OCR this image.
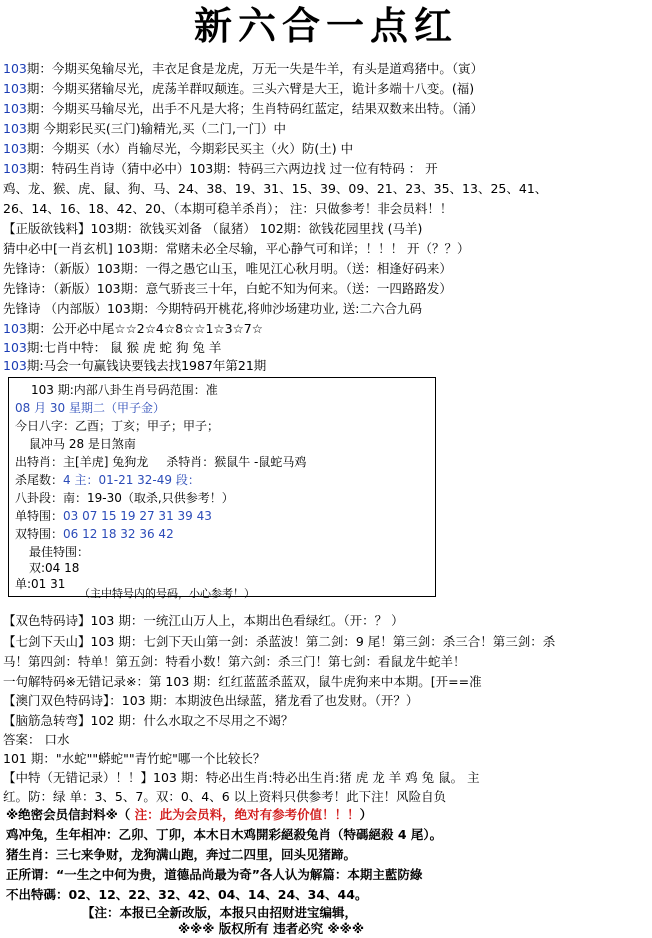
新六合一点红
103期：今期买兔输尽光，丰衣足食是龙虎，万无一失是牛羊，有头是道鸡猪中。（寅）
103期：今期买猪输尽光，虎荡羊群叹颠连。三头六臂是大王，诡计多端十八变。(福)
103期：今期买马输尽光，出手不凡是大将；生肖特码红蓝定，结果双数来出特。（涌）
103期 今期彩民买(三门)输精光,买（二门,一门）中
103期：今期买（水）肖输尽光，今期彩民买主（火）防(土) 中
103期：特码生肖诗（猜中必中）103期：特码三六两边找 过一位有特码 ： 开
鸡、龙、猴、虎、鼠、狗、马、24、38、19、31、15、39、09、21、23、35、13、25、41、
26、14、16、18、42、20、（本期可稳羊杀肖）； 注：只做参考！非会员料！！
【正版欲钱料】103期：欲钱买刘备 （鼠猪） 102期：欲钱花园里找 (马羊)
猜中必中[一肖玄机] 103期：常赌未必全尽输，平心静气可和详；！！！ 开（？？）
先锋诗：（新版）103期：一得之愚它山玉，唯见江心秋月明。（送：相逢好码来）
先锋诗：（新版）103期：意气骄丧三十年，白蛇不知为何来。（送：一四路路发）
先锋诗 （内部版）103期：今期特码开桃花,将帅沙场建功业, 送:二六合九码
103期：公开必中尾☆☆2☆4☆8☆☆1☆3☆7☆
103期:七肖中特： 鼠 猴 虎 蛇 狗 兔 羊
103期:马会一句赢钱诀要钱去找1987年第21期
103 期:内部八卦生肖号码范围：准
08 月 30 星期二（甲子金）
今日八字：乙酉；丁亥；甲子；甲子；
鼠冲马 28 是日煞南
出特肖：主[羊虎] 兔狗龙 杀特肖：猴鼠牛 -鼠蛇马鸡
杀尾数：4 主：01-21 32-49 段：
八卦段：南：19-30（取杀,只供参考！）
单特围：03 07 15 19 27 31 39 43
双特围：06 12 18 32 36 42
最佳特围：
双:04 18
单:01 31
（主中特号内的号码，小心参考！）
【双色特码诗】103 期：一统江山万人上，本期出色看绿红。（开：？ ）
【七剑下天山】103 期：七剑下天山第一剑：杀蓝波！第二剑：9 尾！第三剑：杀三合！第三剑：杀
马！第四剑：特单！第五剑：特看小数！第六剑：杀三门！第七剑：看鼠龙牛蛇羊！
一句解特码※无错记录※：第 103 期：红红蓝蓝杀蓝双，鼠牛虎狗来中本期。[开==准
【澳门双色特码诗】：103 期：本期波色出绿蓝，猪龙看了也发财。（开？）
【脑筋急转弯】102 期：什么水取之不尽用之不竭？
答案： 口水
101 期："水蛇""蟒蛇""青竹蛇"哪一个比较长？
【中特（无错记录）！！】103 期：特必出生肖:特必出生肖:猪 虎 龙 羊 鸡 兔 鼠。 主
红。防：绿 单：3、5、7。双：0、4、6 以上资料只供参考！此下注！风险自负
※绝密会员信封料※（ 注：此为会员料，绝对有参考价值！！！）
鸡冲兔，生年相冲：乙卯、丁卯，本木日木鸡開彩絕殺兔肖（特碼絕殺 4 尾）。
猪生肖：三七来争财，龙狗满山跑，奔过二四里，回头见猪蹄。
正所谓：“一生之中何为贵，道德品尚最为奇”各人认为解篇：本期主藍防綠
不出特碼：02、12、22、32、42、04、14、24、34、44。
【注：本报已全新改版，本报只由招财进宝编辑，
※※※ 版权所有 违者必究 ※※※
